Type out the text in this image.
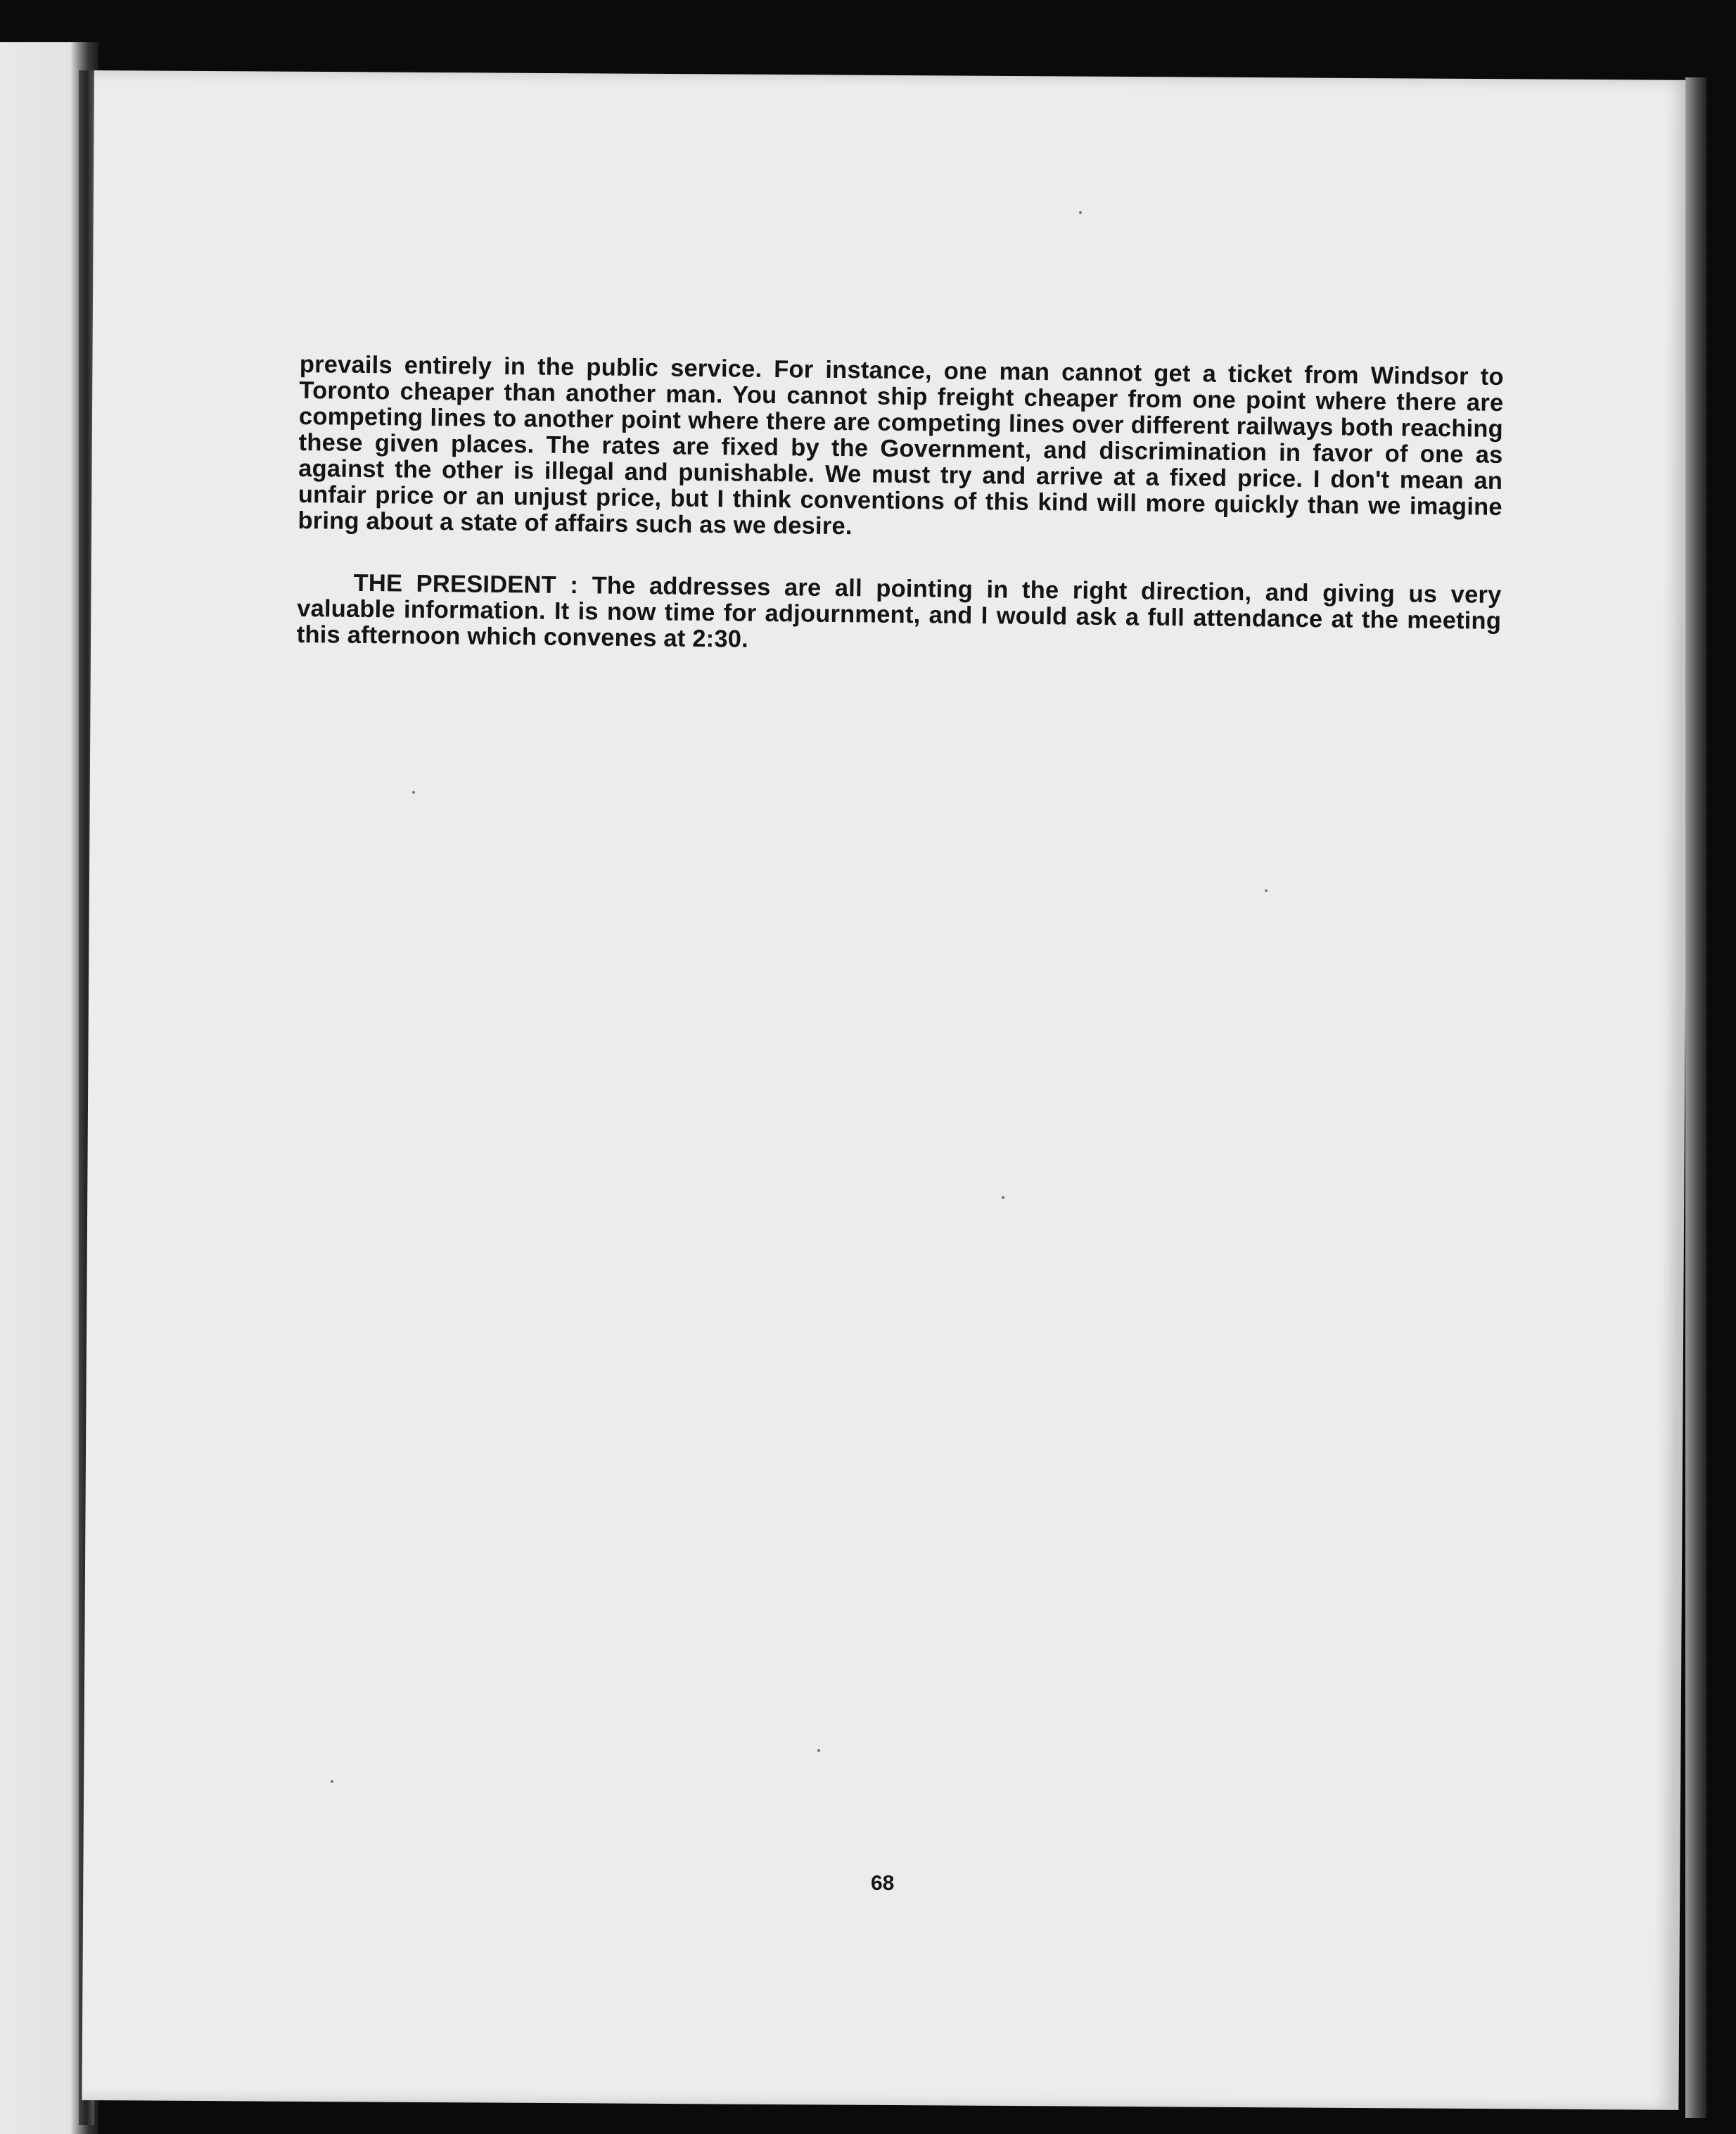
prevails entirely in the public service. For instance, one man cannot get a ticket from Windsor to Toronto cheaper than another man. You cannot ship freight cheaper from one point where there are competing lines to another point where there are competing lines over different railways both reaching these given places. The rates are fixed by the Government, and discrimination in favor of one as against the other is illegal and punishable. We must try and arrive at a fixed price. I don't mean an unfair price or an unjust price, but I think conventions of this kind will more quickly than we imagine bring about a state of affairs such as we desire.

THE PRESIDENT : The addresses are all pointing in the right direction, and giving us very valuable information. It is now time for adjournment, and I would ask a full attendance at the meeting this afternoon which convenes at 2:30.

68
